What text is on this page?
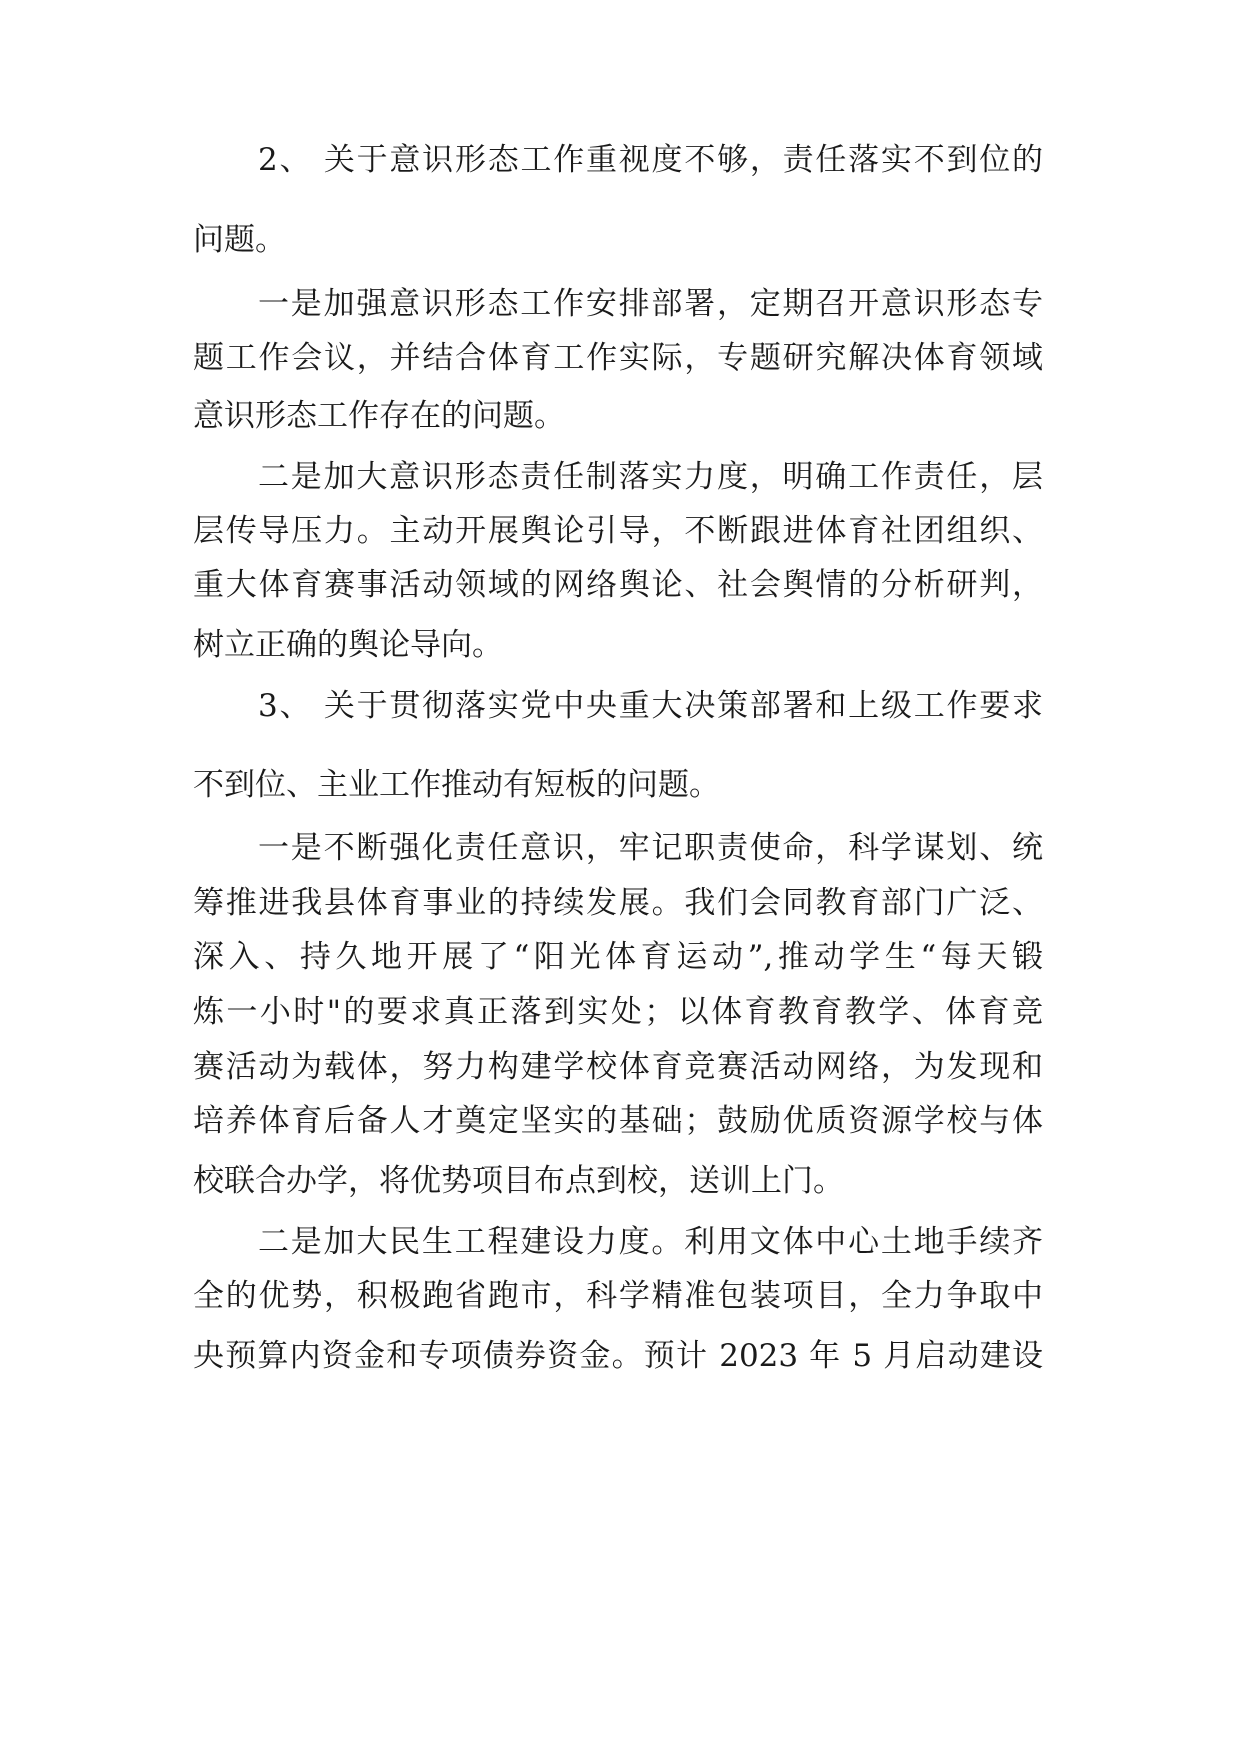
2、 关于意识形态工作重视度不够，责任落实不到位的

问题。

一是加强意识形态工作安排部署，定期召开意识形态专

题工作会议，并结合体育工作实际，专题研究解决体育领域

意识形态工作存在的问题。

二是加大意识形态责任制落实力度，明确工作责任，层

层传导压力。主动开展舆论引导，不断跟进体育社团组织、

重大体育赛事活动领域的网络舆论、社会舆情的分析研判，

树立正确的舆论导向。

3、 关于贯彻落实党中央重大决策部署和上级工作要求

不到位、主业工作推动有短板的问题。

一是不断强化责任意识，牢记职责使命，科学谋划、统

筹推进我县体育事业的持续发展。我们会同教育部门广泛、

深入、持久地开展了“阳光体育运动”,推动学生“每天锻

炼一小时"的要求真正落到实处；以体育教育教学、体育竞

赛活动为载体，努力构建学校体育竞赛活动网络，为发现和

培养体育后备人才奠定坚实的基础；鼓励优质资源学校与体

校联合办学，将优势项目布点到校，送训上门。

二是加大民生工程建设力度。利用文体中心土地手续齐

全的优势，积极跑省跑市，科学精准包装项目，全力争取中

央预算内资金和专项债券资金。预计 2023 年 5 月启动建设
